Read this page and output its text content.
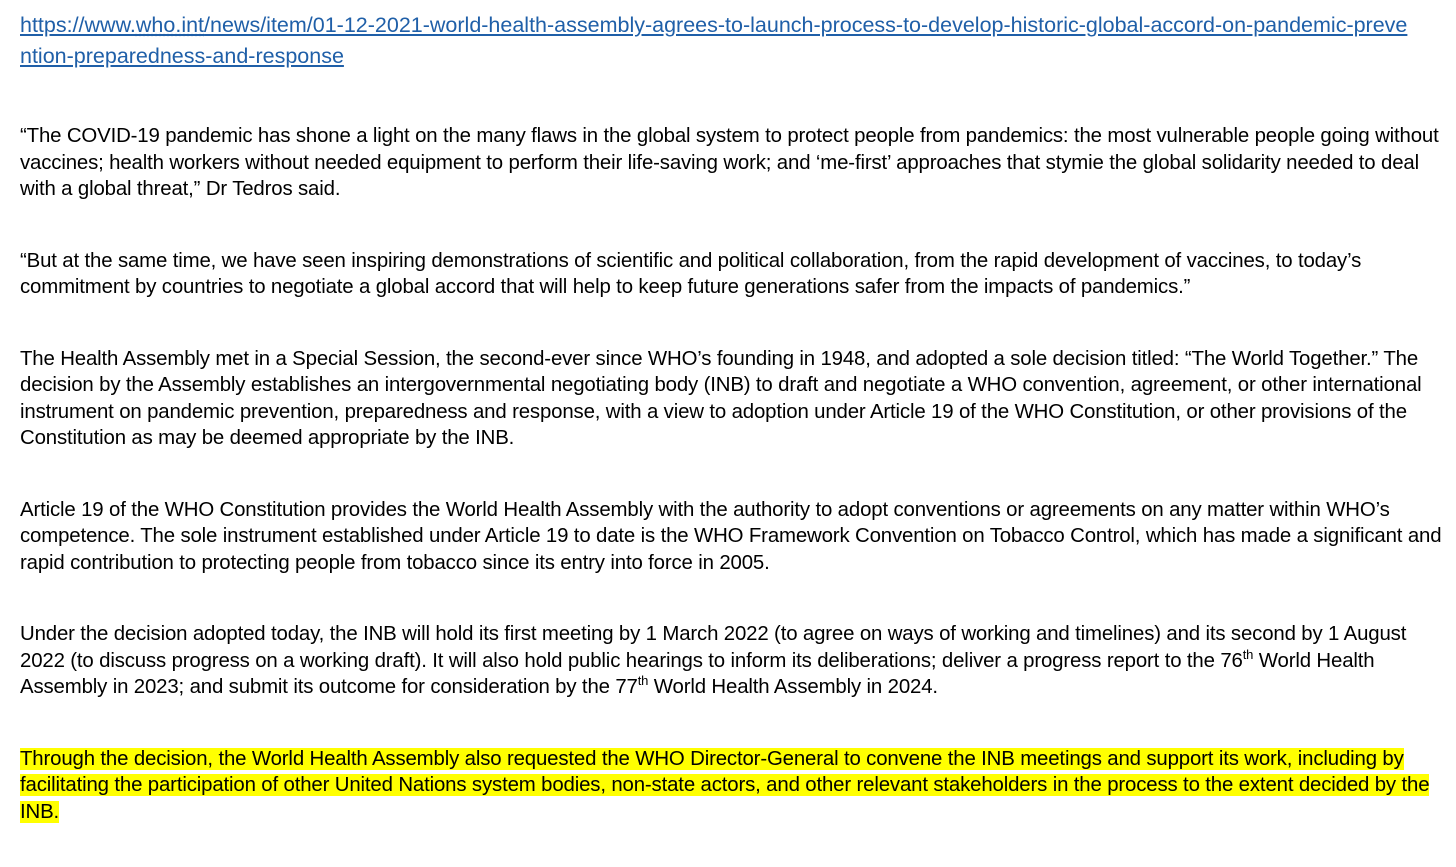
https://www.who.int/news/item/01-12-2021-world-health-assembly-agrees-to-launch-process-to-develop-historic-global-accord-on-pandemic-prevention-preparedness-and-response

“The COVID-19 pandemic has shone a light on the many flaws in the global system to protect people from pandemics: the most vulnerable people going without vaccines; health workers without needed equipment to perform their life-saving work; and ‘me-first’ approaches that stymie the global solidarity needed to deal with a global threat,” Dr Tedros said.

“But at the same time, we have seen inspiring demonstrations of scientific and political collaboration, from the rapid development of vaccines, to today’s commitment by countries to negotiate a global accord that will help to keep future generations safer from the impacts of pandemics.”

The Health Assembly met in a Special Session, the second-ever since WHO’s founding in 1948, and adopted a sole decision titled: “The World Together.” The decision by the Assembly establishes an intergovernmental negotiating body (INB) to draft and negotiate a WHO convention, agreement, or other international instrument on pandemic prevention, preparedness and response, with a view to adoption under Article 19 of the WHO Constitution, or other provisions of the Constitution as may be deemed appropriate by the INB.

Article 19 of the WHO Constitution provides the World Health Assembly with the authority to adopt conventions or agreements on any matter within WHO’s competence. The sole instrument established under Article 19 to date is the WHO Framework Convention on Tobacco Control, which has made a significant and rapid contribution to protecting people from tobacco since its entry into force in 2005.

Under the decision adopted today, the INB will hold its first meeting by 1 March 2022 (to agree on ways of working and timelines) and its second by 1 August 2022 (to discuss progress on a working draft). It will also hold public hearings to inform its deliberations; deliver a progress report to the 76th World Health Assembly in 2023; and submit its outcome for consideration by the 77th World Health Assembly in 2024.

Through the decision, the World Health Assembly also requested the WHO Director-General to convene the INB meetings and support its work, including by facilitating the participation of other United Nations system bodies, non-state actors, and other relevant stakeholders in the process to the extent decided by the INB.
